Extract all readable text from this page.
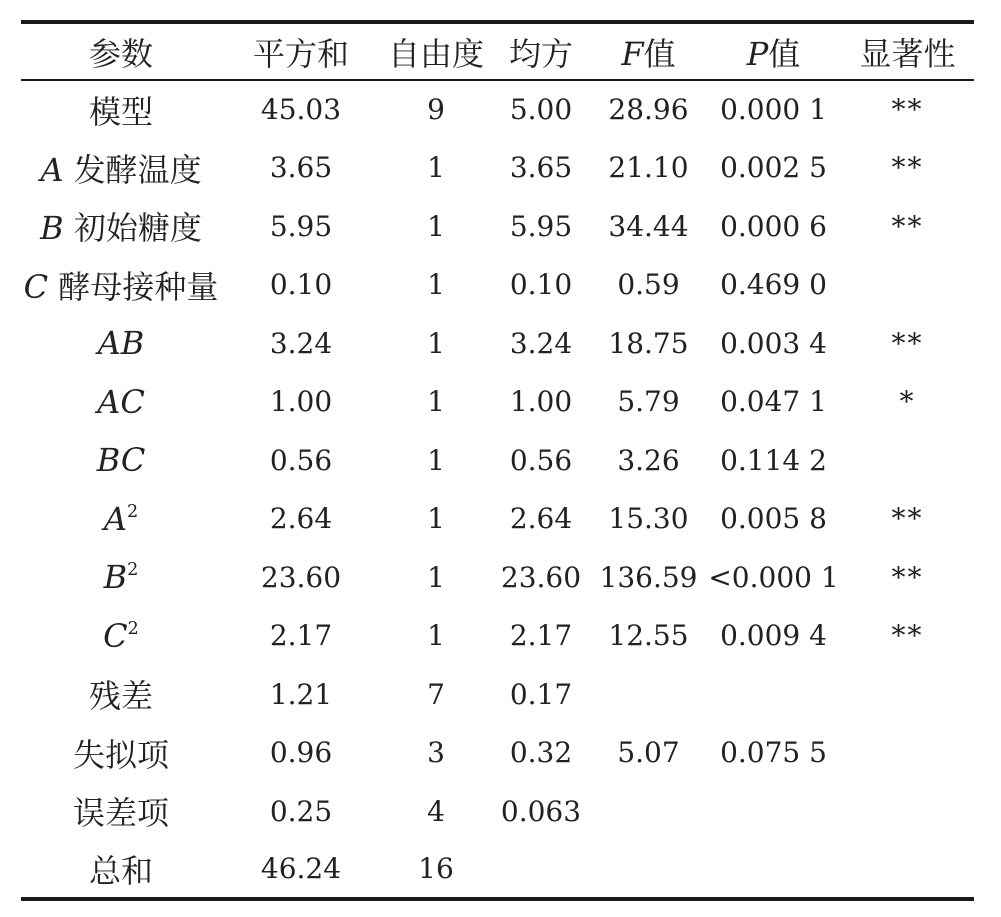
参数	平方和	自由度	均方	F值	P值	显著性
模型	45.03	9	5.00	28.96	0.000 1	**
A 发酵温度	3.65	1	3.65	21.10	0.002 5	**
B 初始糖度	5.95	1	5.95	34.44	0.000 6	**
C 酵母接种量	0.10	1	0.10	0.59	0.469 0	
AB	3.24	1	3.24	18.75	0.003 4	**
AC	1.00	1	1.00	5.79	0.047 1	*
BC	0.56	1	0.56	3.26	0.114 2	
$A^2$	2.64	1	2.64	15.30	0.005 8	**
$B^2$	23.60	1	23.60	136.59	<0.000 1	**
$C^2$	2.17	1	2.17	12.55	0.009 4	**
残差	1.21	7	0.17			
失拟项	0.96	3	0.32	5.07	0.075 5	
误差项	0.25	4	0.063			
总和	46.24	16				
